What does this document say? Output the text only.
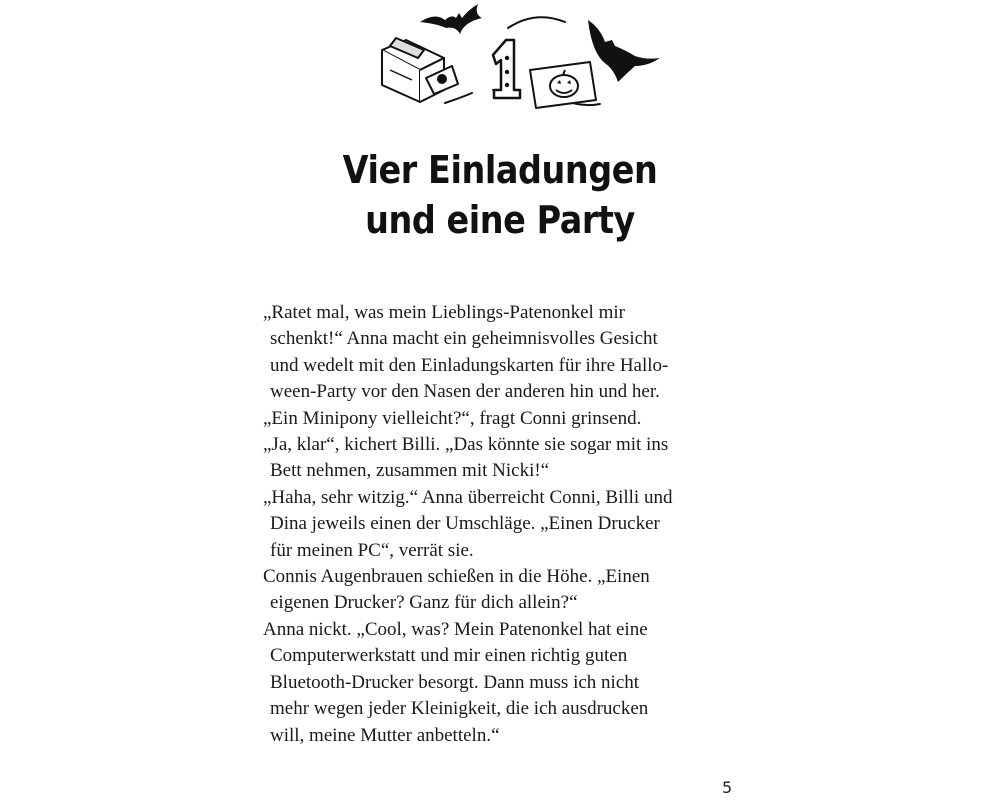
Vier Einladungen
und eine Party
„Ratet mal, was mein Lieblings-Patenonkel mir
schenkt!“ Anna macht ein geheimnisvolles Gesicht
und wedelt mit den Einladungskarten für ihre Hallo-
ween-Party vor den Nasen der anderen hin und her.
„Ein Minipony vielleicht?“, fragt Conni grinsend.
„Ja, klar“, kichert Billi. „Das könnte sie sogar mit ins
Bett nehmen, zusammen mit Nicki!“
„Haha, sehr witzig.“ Anna überreicht Conni, Billi und
Dina jeweils einen der Umschläge. „Einen Drucker
für meinen PC“, verrät sie.
Connis Augenbrauen schießen in die Höhe. „Einen
eigenen Drucker? Ganz für dich allein?“
Anna nickt. „Cool, was? Mein Patenonkel hat eine
Computerwerkstatt und mir einen richtig guten
Bluetooth-Drucker besorgt. Dann muss ich nicht
mehr wegen jeder Kleinigkeit, die ich ausdrucken
will, meine Mutter anbetteln.“
5
